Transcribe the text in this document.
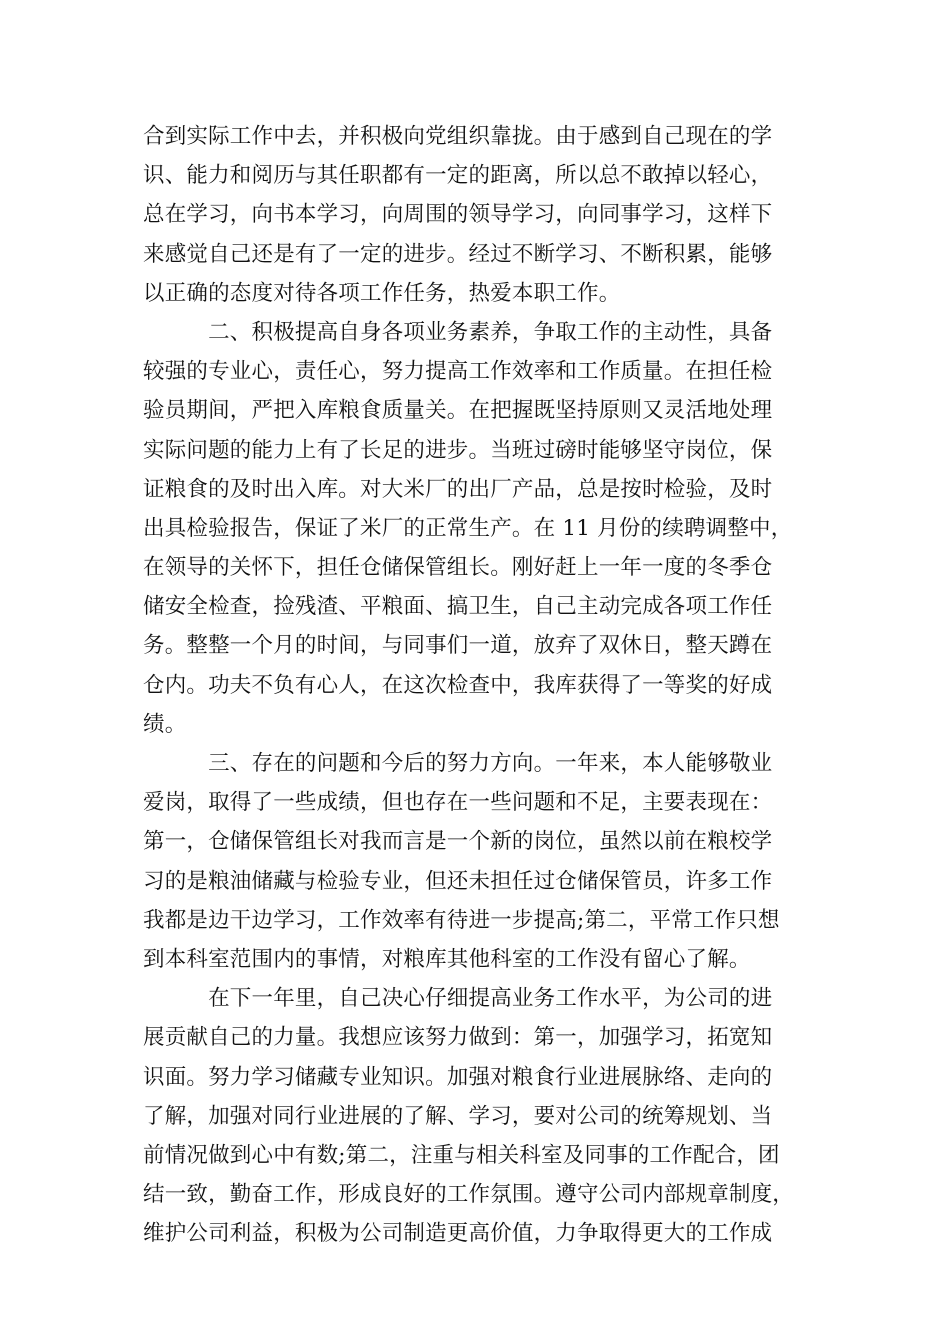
合到实际工作中去，并积极向党组织靠拢。由于感到自己现在的学
识、能力和阅历与其任职都有一定的距离，所以总不敢掉以轻心，
总在学习，向书本学习，向周围的领导学习，向同事学习，这样下
来感觉自己还是有了一定的进步。经过不断学习、不断积累，能够
以正确的态度对待各项工作任务，热爱本职工作。
　　　二、积极提高自身各项业务素养，争取工作的主动性，具备
较强的专业心，责任心，努力提高工作效率和工作质量。在担任检
验员期间，严把入库粮食质量关。在把握既坚持原则又灵活地处理
实际问题的能力上有了长足的进步。当班过磅时能够坚守岗位，保
证粮食的及时出入库。对大米厂的出厂产品，总是按时检验，及时
出具检验报告，保证了米厂的正常生产。在 11 月份的续聘调整中，
在领导的关怀下，担任仓储保管组长。刚好赶上一年一度的冬季仓
储安全检查，捡残渣、平粮面、搞卫生，自己主动完成各项工作任
务。整整一个月的时间，与同事们一道，放弃了双休日，整天蹲在
仓内。功夫不负有心人，在这次检查中，我库获得了一等奖的好成
绩。
　　　三、存在的问题和今后的努力方向。一年来，本人能够敬业
爱岗，取得了一些成绩，但也存在一些问题和不足，主要表现在：
第一，仓储保管组长对我而言是一个新的岗位，虽然以前在粮校学
习的是粮油储藏与检验专业，但还未担任过仓储保管员，许多工作
我都是边干边学习，工作效率有待进一步提高;第二，平常工作只想
到本科室范围内的事情，对粮库其他科室的工作没有留心了解。
　　　在下一年里，自己决心仔细提高业务工作水平，为公司的进
展贡献自己的力量。我想应该努力做到：第一，加强学习，拓宽知
识面。努力学习储藏专业知识。加强对粮食行业进展脉络、走向的
了解，加强对同行业进展的了解、学习，要对公司的统筹规划、当
前情况做到心中有数;第二，注重与相关科室及同事的工作配合，团
结一致，勤奋工作，形成良好的工作氛围。遵守公司内部规章制度，
维护公司利益，积极为公司制造更高价值，力争取得更大的工作成
